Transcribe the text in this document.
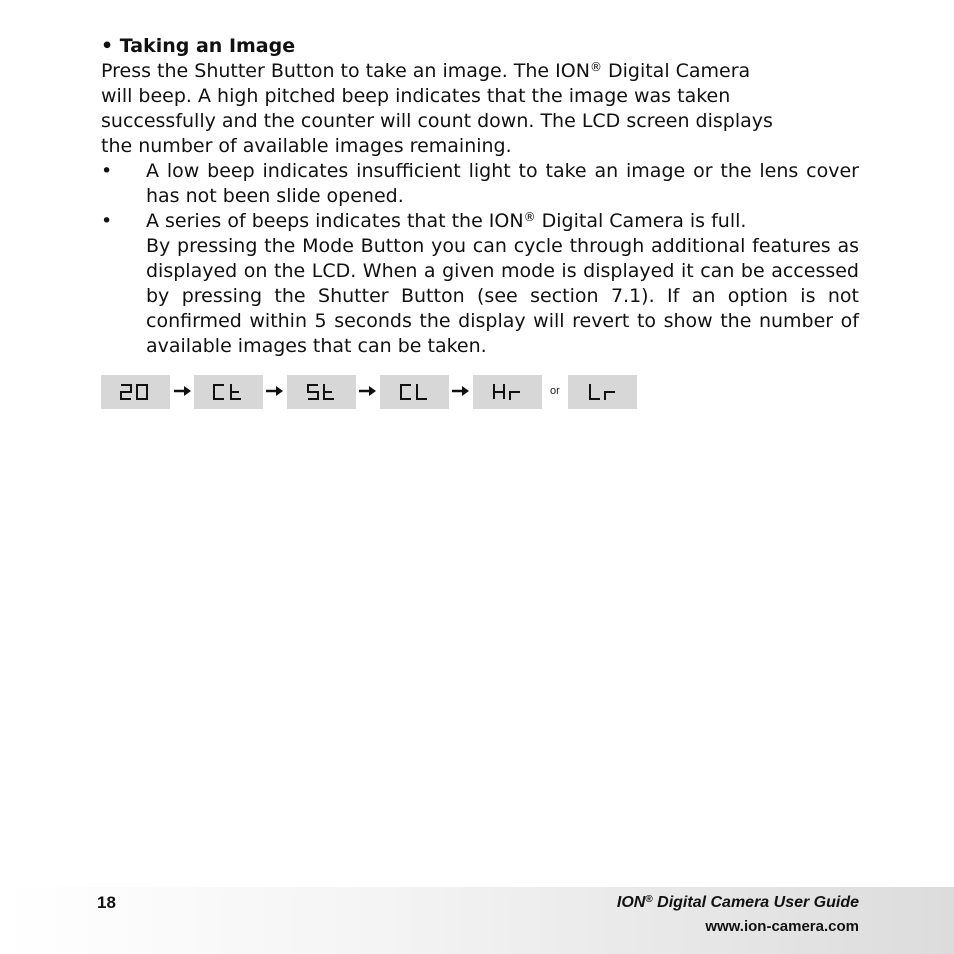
• Taking an Image

Press the Shutter Button to take an image. The ION® Digital Camera

will beep. A high pitched beep indicates that the image was taken

successfully and the counter will count down. The LCD screen displays

the number of available images remaining.

• A low beep indicates insufficient light to take an image or the lens cover has not been slide opened.
• A series of beeps indicates that the ION® Digital Camera is full.
By pressing the Mode Button you can cycle through additional features as displayed on the LCD. When a given mode is displayed it can be accessed by pressing the Shutter Button (see section 7.1). If an option is not confirmed within 5 seconds the display will revert to show the number of available images that can be taken.
or
18	ION® Digital Camera User Guide
www.ion-camera.com
